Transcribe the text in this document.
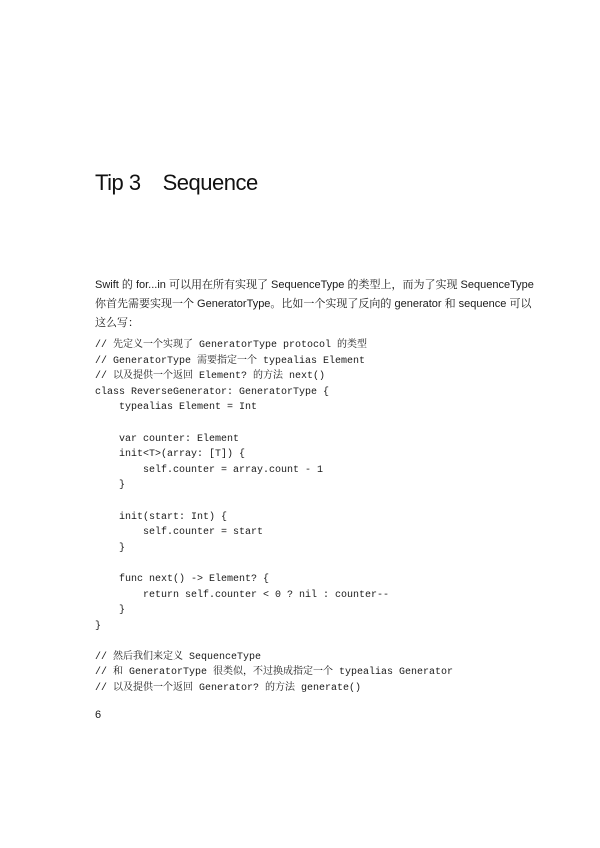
Tip 3 Sequence

Swift 的 for...in 可以用在所有实现了 SequenceType 的类型上，而为了实现 SequenceType
你首先需要实现一个 GeneratorType。比如一个实现了反向的 generator 和 sequence 可以
这么写：

// 先定义一个实现了 GeneratorType protocol 的类型
// GeneratorType 需要指定一个 typealias Element
// 以及提供一个返回 Element? 的方法 next()
class ReverseGenerator: GeneratorType {
typealias Element = Int
var counter: Element
init<T>(array: [T]) {
self.counter = array.count - 1
}
init(start: Int) {
self.counter = start
}
func next() -> Element? {
return self.counter < 0 ? nil : counter--
}
}
// 然后我们来定义 SequenceType
// 和 GeneratorType 很类似，不过换成指定一个 typealias Generator
// 以及提供一个返回 Generator? 的方法 generate()

6
